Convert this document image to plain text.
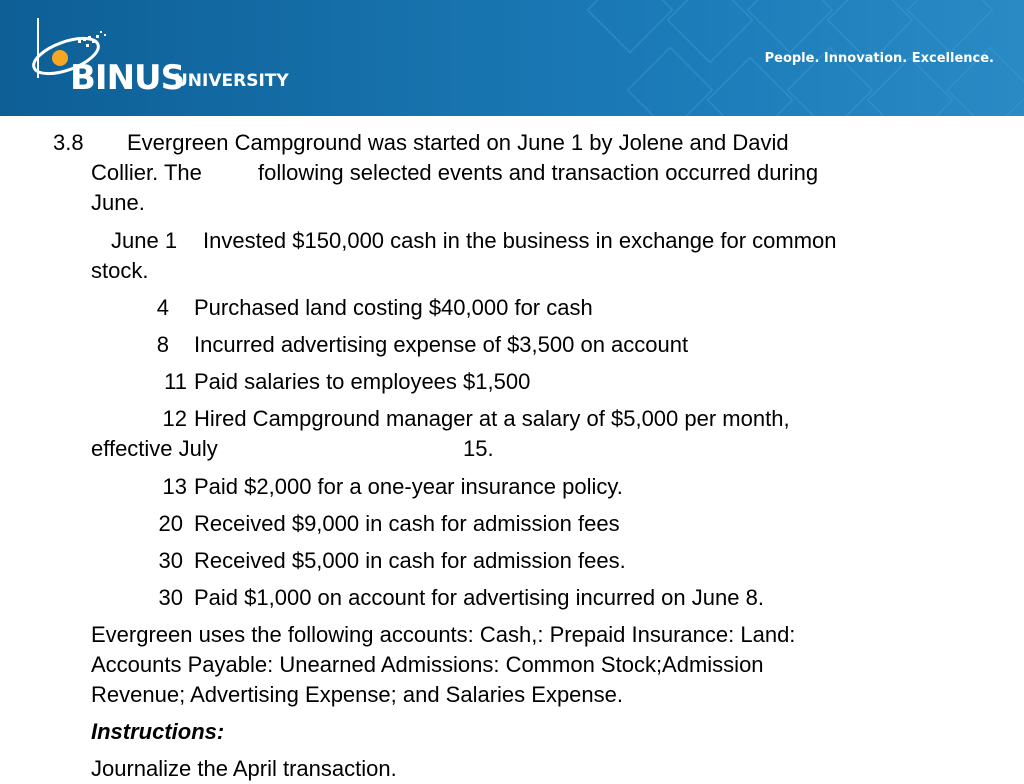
BINUS
UNIVERSITY
People. Innovation. Excellence.
3.8 Evergreen Campground was started on June 1 by Jolene and David
Collier. The	following selected events and transaction occurred during
June.
June 1 Invested $150,000 cash in the business in exchange for common
stock.
4 Purchased land costing $40,000 for cash
8 Incurred advertising expense of $3,500 on account
11 Paid salaries to employees $1,500
12 Hired Campground manager at a salary of $5,000 per month,
effective July	15.
13 Paid $2,000 for a one-year insurance policy.
20 Received $9,000 in cash for admission fees
30 Received $5,000 in cash for admission fees.
30 Paid $1,000 on account for advertising incurred on June 8.
Evergreen uses the following accounts: Cash,: Prepaid Insurance: Land:
Accounts Payable: Unearned Admissions: Common Stock;Admission
Revenue; Advertising Expense; and Salaries Expense.
Instructions:
Journalize the April transaction.
